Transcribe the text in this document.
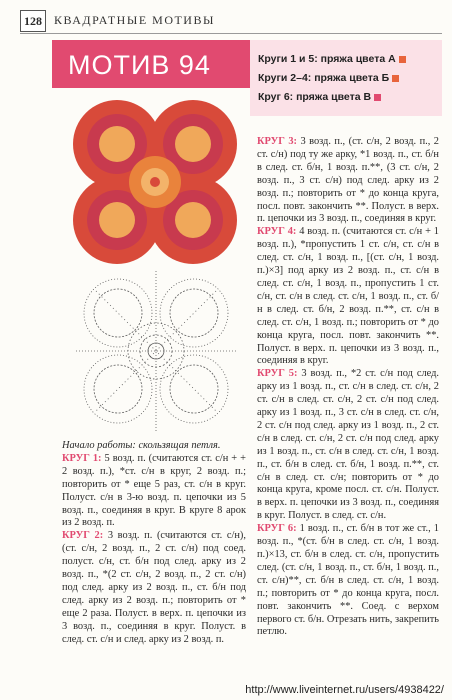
128	КВАДРАТНЫЕ МОТИВЫ
МОТИВ 94	Круги 1 и 5: пряжа цвета А
Круги 2–4: пряжа цвета Б
Круг 6: пряжа цвета В

Начало работы: скользящая петля.

КРУГ 1: 5 возд. п. (считаются ст. с/н + + 2 возд. п.), *ст. с/н в круг, 2 возд. п.; повторить от * еще 5 раз, ст. с/н в круг. Полуст. с/н в 3-ю возд. п. цепочки из 5 возд. п., соединяя в круг. В круге 8 арок из 2 возд. п.

КРУГ 2: 3 возд. п. (считаются ст. с/н), (ст. с/н, 2 возд. п., 2 ст. с/н) под соед. полуст. с/н, ст. б/н под след. арку из 2 возд. п., *(2 ст. с/н, 2 возд. п., 2 ст. с/н) под след. арку из 2 возд. п., ст. б/н под след. арку из 2 возд. п.; повторить от * еще 2 раза. Полуст. в верх. п. цепочки из 3 возд. п., соединяя в круг. Полуст. в след. ст. с/н и след. арку из 2 возд. п.

КРУГ 3: 3 возд. п., (ст. с/н, 2 возд. п., 2 ст. с/н) под ту же арку, *1 возд. п., ст. б/н в след. ст. б/н, 1 возд. п.**, (3 ст. с/н, 2 возд. п., 3 ст. с/н) под след. арку из 2 возд. п.; повторить от * до конца круга, посл. повт. закончить **. Полуст. в верх. п. цепочки из 3 возд. п., соединяя в круг.

КРУГ 4: 4 возд. п. (считаются ст. с/н + 1 возд. п.), *пропустить 1 ст. с/н, ст. с/н в след. ст. с/н, 1 возд. п., [(ст. с/н, 1 возд. п.)×3] под арку из 2 возд. п., ст. с/н в след. ст. с/н, 1 возд. п., пропустить 1 ст. с/н, ст. с/н в след. ст. с/н, 1 возд. п., ст. б/н в след. ст. б/н, 2 возд. п.**, ст. с/н в след. ст. с/н, 1 возд. п.; повторить от * до конца круга, посл. повт. закончить **. Полуст. в верх. п. цепочки из 3 возд. п., соединяя в круг.

КРУГ 5: 3 возд. п., *2 ст. с/н под след. арку из 1 возд. п., ст. с/н в след. ст. с/н, 2 ст. с/н в след. ст. с/н, 2 ст. с/н под след. арку из 1 возд. п., 3 ст. с/н в след. ст. с/н, 2 ст. с/н под след. арку из 1 возд. п., 2 ст. с/н в след. ст. с/н, 2 ст. с/н под след. арку из 1 возд. п., ст. с/н в след. ст. с/н, 1 возд. п., ст. б/н в след. ст. б/н, 1 возд. п.**, ст. с/н в след. ст. с/н; повторить от * до конца круга, кроме посл. ст. с/н. Полуст. в верх. п. цепочки из 3 возд. п., соединяя в круг. Полуст. в след. ст. с/н.

КРУГ 6: 1 возд. п., ст. б/н в тот же ст., 1 возд. п., *(ст. б/н в след. ст. с/н, 1 возд. п.)×13, ст. б/н в след. ст. с/н, пропустить след. (ст. с/н, 1 возд. п., ст. б/н, 1 возд. п., ст. с/н)**, ст. б/н в след. ст. с/н, 1 возд. п.; повторить от * до конца круга, посл. повт. закончить **. Соед. с верхом первого ст. б/н. Отрезать нить, закрепить петлю.

http://www.liveinternet.ru/users/4938422/
